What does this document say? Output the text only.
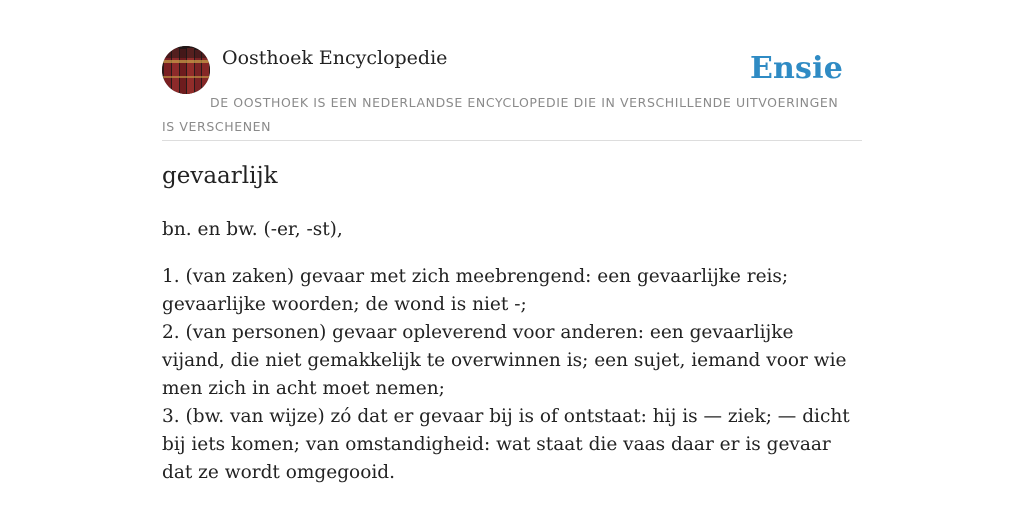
Oosthoek Encyclopedie	Ensie
DE OOSTHOEK IS EEN NEDERLANDSE ENCYCLOPEDIE DIE IN VERSCHILLENDE UITVOERINGEN IS VERSCHENEN
gevaarlijk

bn. en bw. (-er, -st),

1. (van zaken) gevaar met zich meebrengend: een gevaarlijke reis; gevaarlijke woorden; de wond is niet -;

2. (van personen) gevaar opleverend voor anderen: een gevaarlijke vijand, die niet gemakkelijk te overwinnen is; een sujet, iemand voor wie men zich in acht moet nemen;

3. (bw. van wijze) zó dat er gevaar bij is of ontstaat: hij is — ziek; — dicht bij iets komen; van omstandigheid: wat staat die vaas daar er is gevaar dat ze wordt omgegooid.
